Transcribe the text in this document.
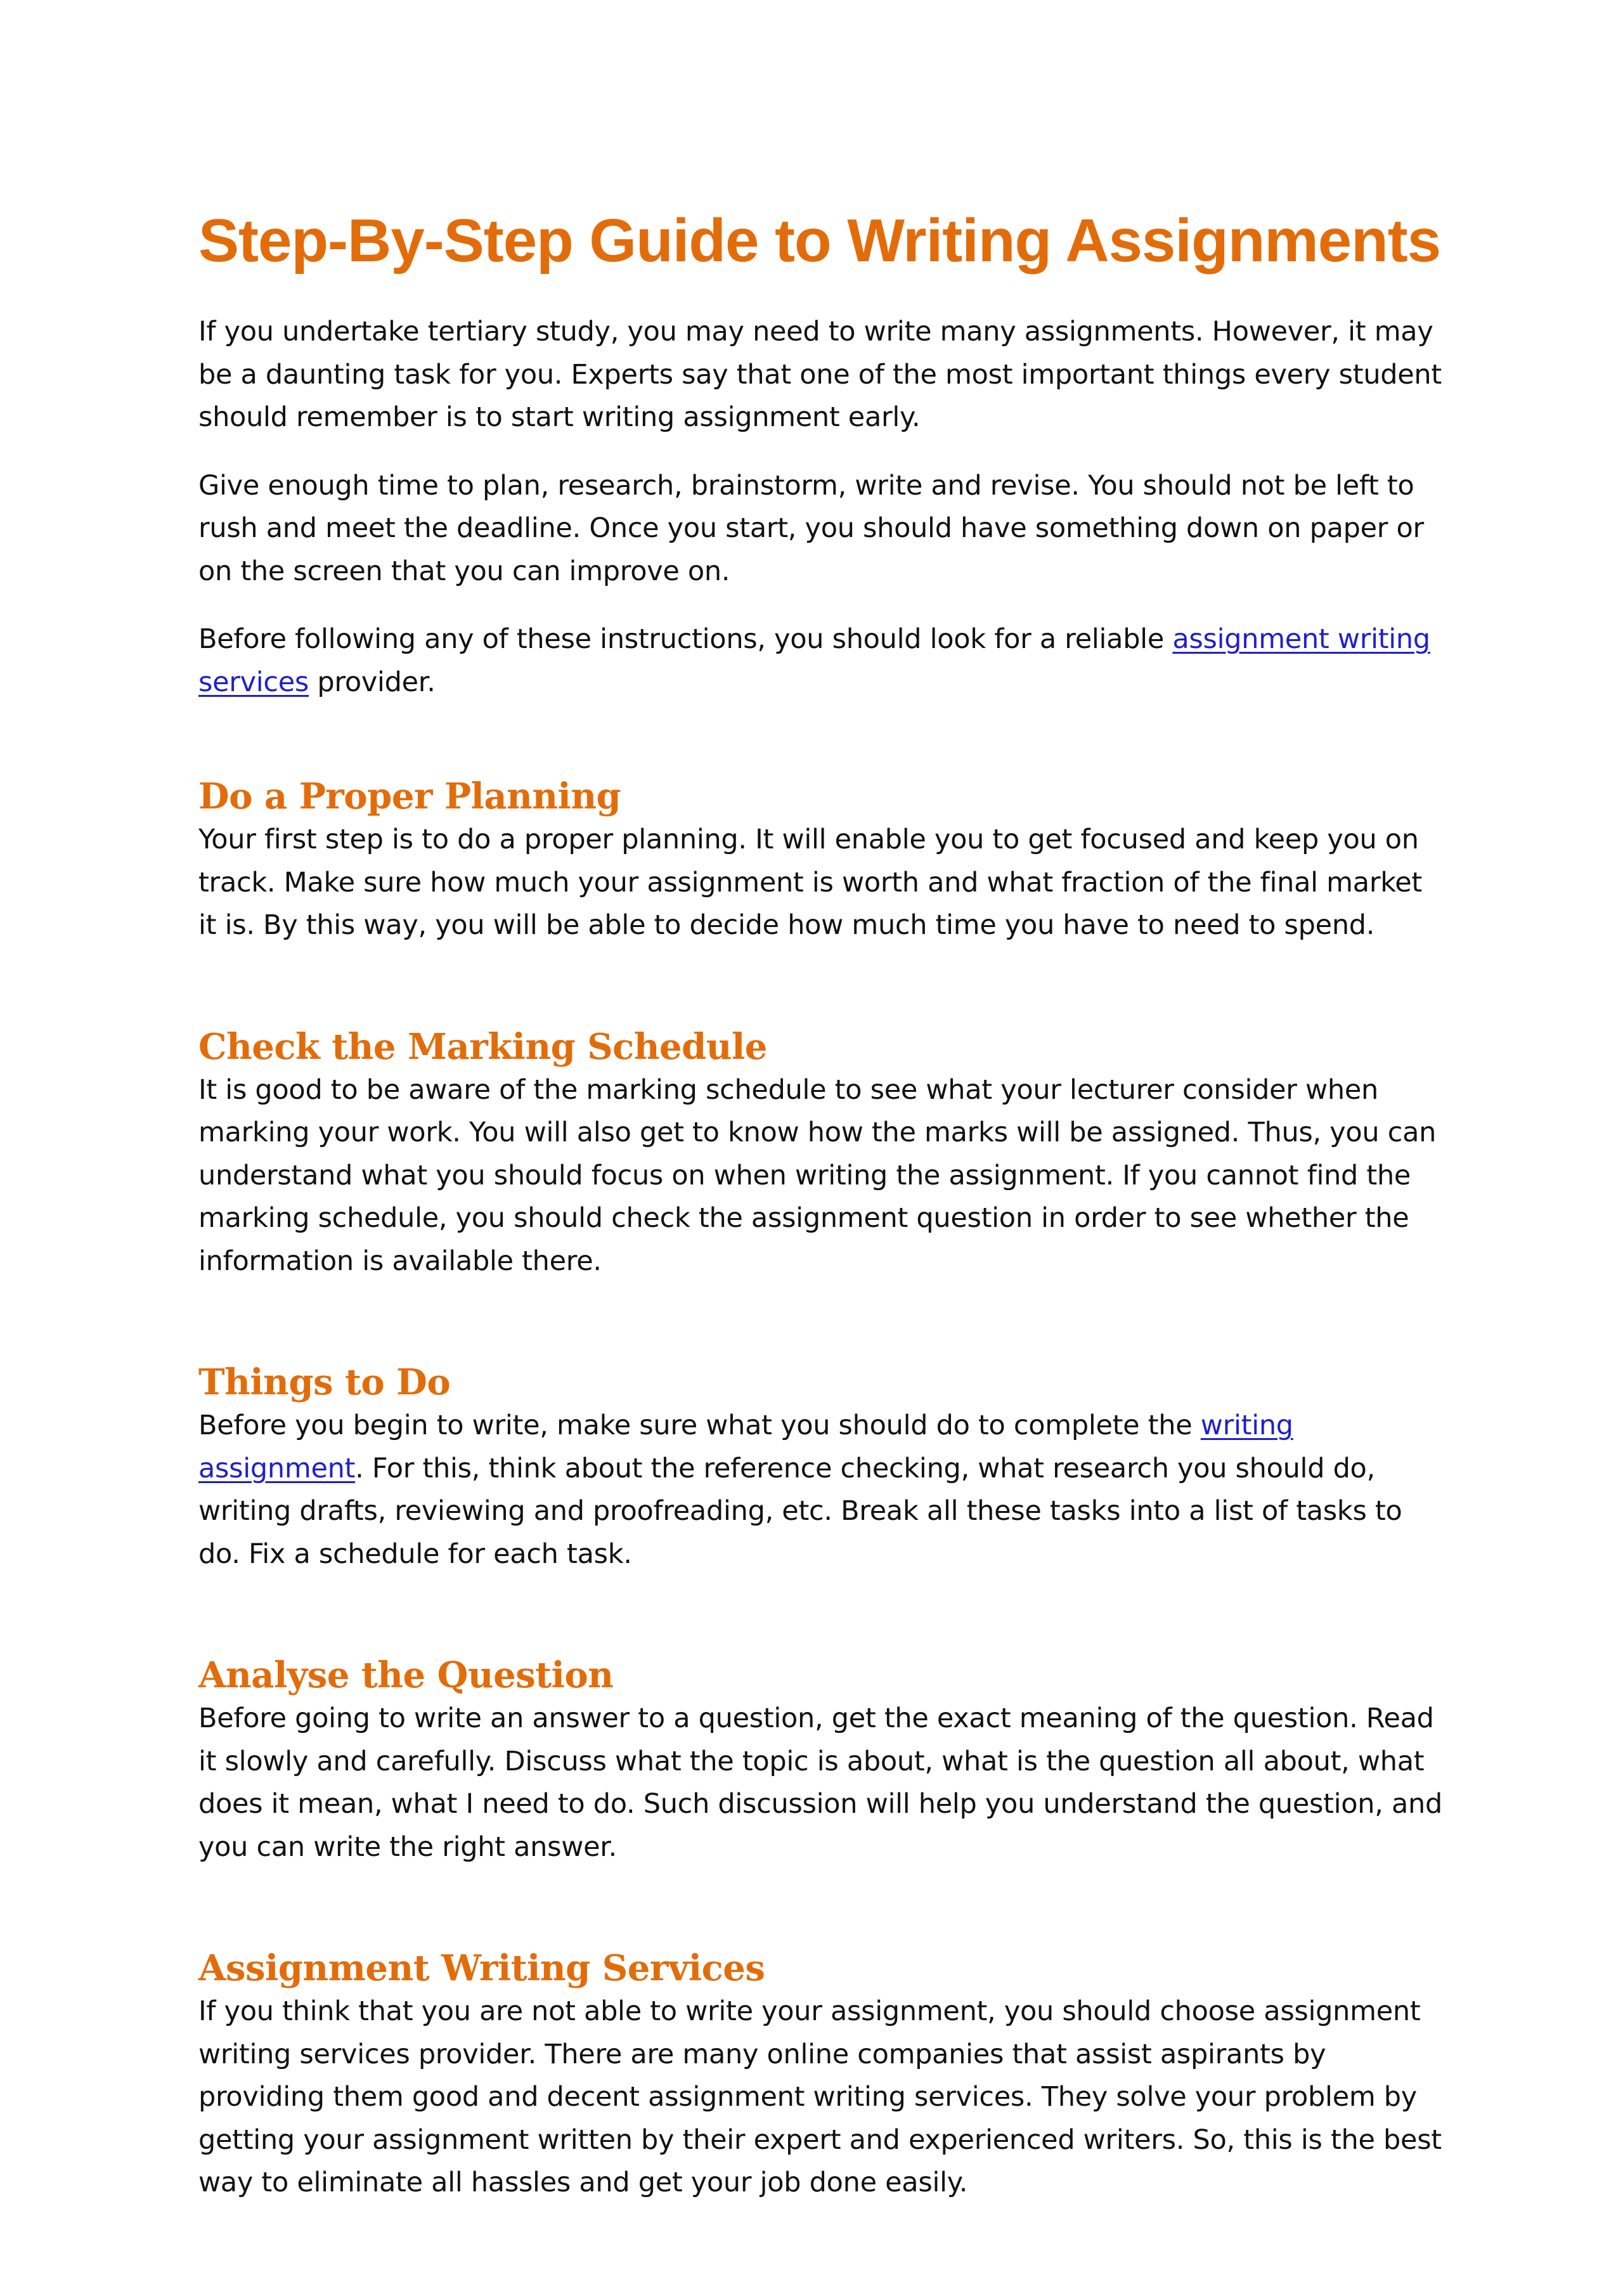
Step-By-Step Guide to Writing Assignments

If you undertake tertiary study, you may need to write many assignments. However, it may be a daunting task for you. Experts say that one of the most important things every student should remember is to start writing assignment early.

Give enough time to plan, research, brainstorm, write and revise. You should not be left to rush and meet the deadline. Once you start, you should have something down on paper or on the screen that you can improve on.

Before following any of these instructions, you should look for a reliable assignment writing services provider.

Do a Proper Planning

Your first step is to do a proper planning. It will enable you to get focused and keep you on track. Make sure how much your assignment is worth and what fraction of the final market it is. By this way, you will be able to decide how much time you have to need to spend.

Check the Marking Schedule

It is good to be aware of the marking schedule to see what your lecturer consider when marking your work. You will also get to know how the marks will be assigned. Thus, you can understand what you should focus on when writing the assignment. If you cannot find the marking schedule, you should check the assignment question in order to see whether the information is available there.

Things to Do

Before you begin to write, make sure what you should do to complete the writing assignment. For this, think about the reference checking, what research you should do, writing drafts, reviewing and proofreading, etc. Break all these tasks into a list of tasks to do. Fix a schedule for each task.

Analyse the Question

Before going to write an answer to a question, get the exact meaning of the question. Read it slowly and carefully. Discuss what the topic is about, what is the question all about, what does it mean, what I need to do. Such discussion will help you understand the question, and you can write the right answer.

Assignment Writing Services

If you think that you are not able to write your assignment, you should choose assignment writing services provider. There are many online companies that assist aspirants by providing them good and decent assignment writing services. They solve your problem by getting your assignment written by their expert and experienced writers. So, this is the best way to eliminate all hassles and get your job done easily.
